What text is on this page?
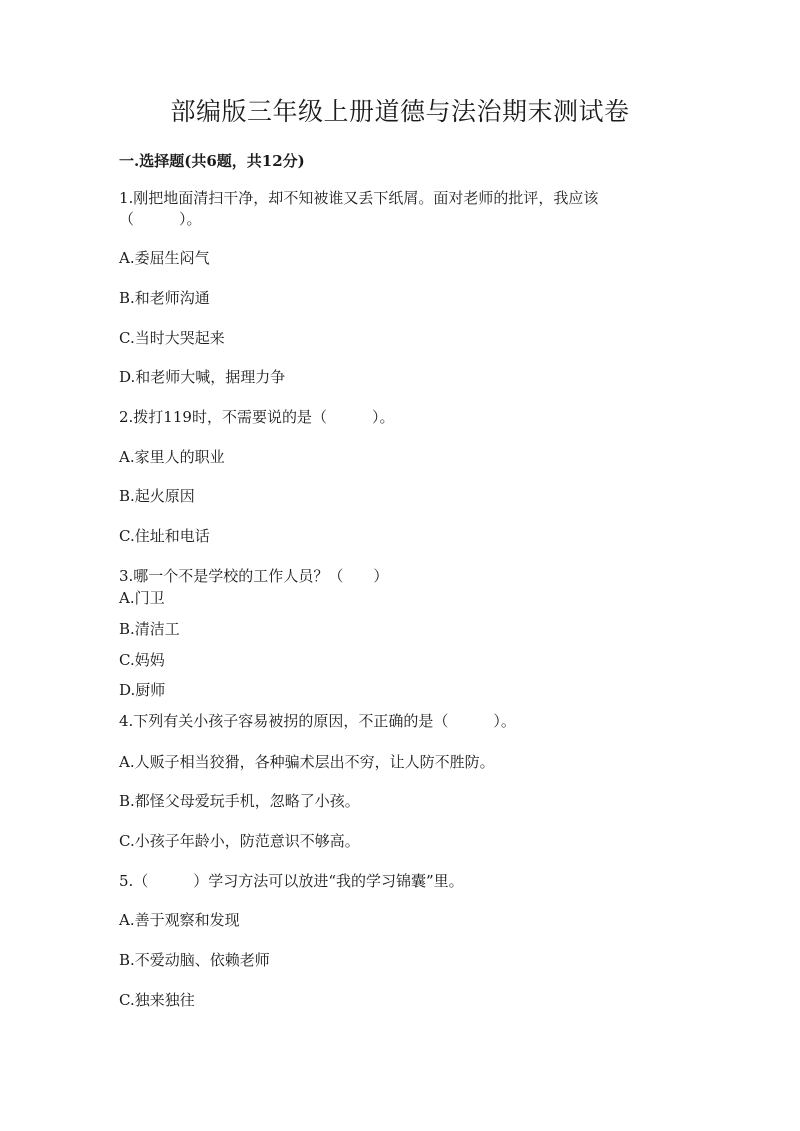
部编版三年级上册道德与法治期末测试卷
一.选择题(共6题，共12分)
1.刚把地面清扫干净，却不知被谁又丢下纸屑。面对老师的批评，我应该
（　　　）。
A.委屈生闷气
B.和老师沟通
C.当时大哭起来
D.和老师大喊，据理力争
2.拨打119时，不需要说的是（　　　）。
A.家里人的职业
B.起火原因
C.住址和电话
3.哪一个不是学校的工作人员？（　　）
A.门卫
B.清洁工
C.妈妈
D.厨师
4.下列有关小孩子容易被拐的原因，不正确的是（　　　）。
A.人贩子相当狡猾，各种骗术层出不穷，让人防不胜防。
B.都怪父母爱玩手机，忽略了小孩。
C.小孩子年龄小，防范意识不够高。
5.（　　　）学习方法可以放进“我的学习锦囊”里。
A.善于观察和发现
B.不爱动脑、依赖老师
C.独来独往
